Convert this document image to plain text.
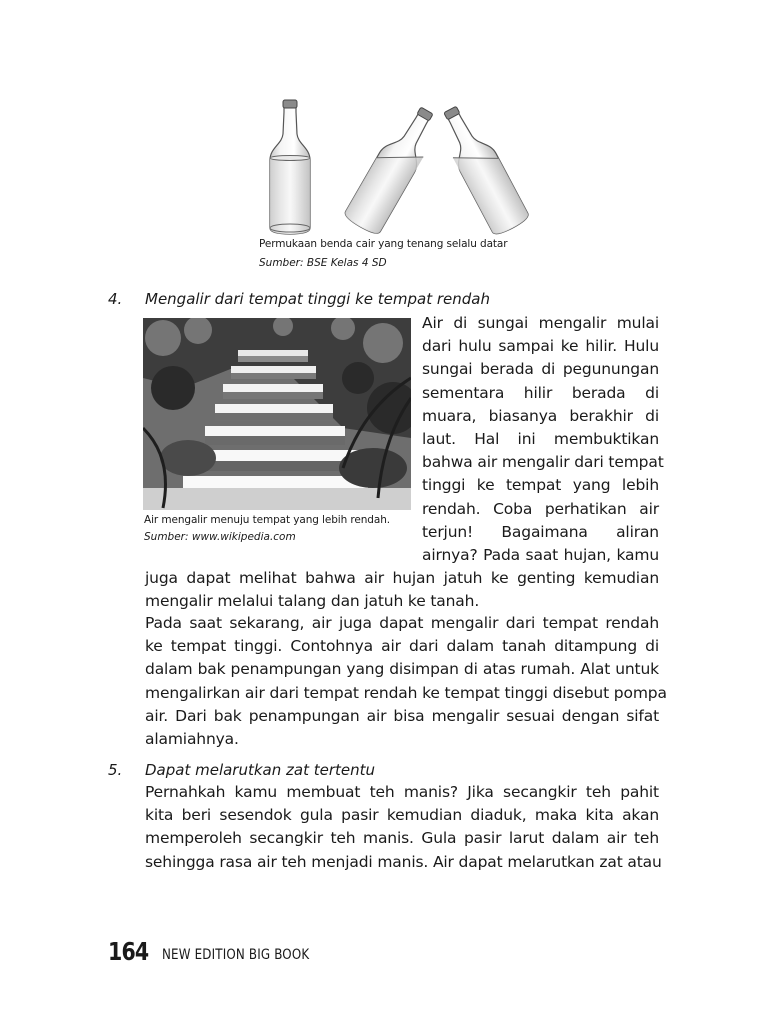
Permukaan benda cair yang tenang selalu datar
Sumber: BSE Kelas 4 SD
4. Mengalir dari tempat tinggi ke tempat rendah
Air mengalir menuju tempat yang lebih rendah.
Sumber: www.wikipedia.com
Air di sungai mengalir mulai
dari hulu sampai ke hilir. Hulu
sungai berada di pegunungan
sementara hilir berada di
muara, biasanya berakhir di
laut. Hal ini membuktikan
bahwa air mengalir dari tempat
tinggi ke tempat yang lebih
rendah. Coba perhatikan air
terjun! Bagaimana aliran
airnya? Pada saat hujan, kamu
juga dapat melihat bahwa air hujan jatuh ke genting kemudian
mengalir melalui talang dan jatuh ke tanah.
Pada saat sekarang, air juga dapat mengalir dari tempat rendah
ke tempat tinggi. Contohnya air dari dalam tanah ditampung di
dalam bak penampungan yang disimpan di atas rumah. Alat untuk
mengalirkan air dari tempat rendah ke tempat tinggi disebut pompa
air. Dari bak penampungan air bisa mengalir sesuai dengan sifat
alamiahnya.
5. Dapat melarutkan zat tertentu
Pernahkah kamu membuat teh manis? Jika secangkir teh pahit
kita beri sesendok gula pasir kemudian diaduk, maka kita akan
memperoleh secangkir teh manis. Gula pasir larut dalam air teh
sehingga rasa air teh menjadi manis. Air dapat melarutkan zat atau
164 NEW EDITION BIG BOOK
